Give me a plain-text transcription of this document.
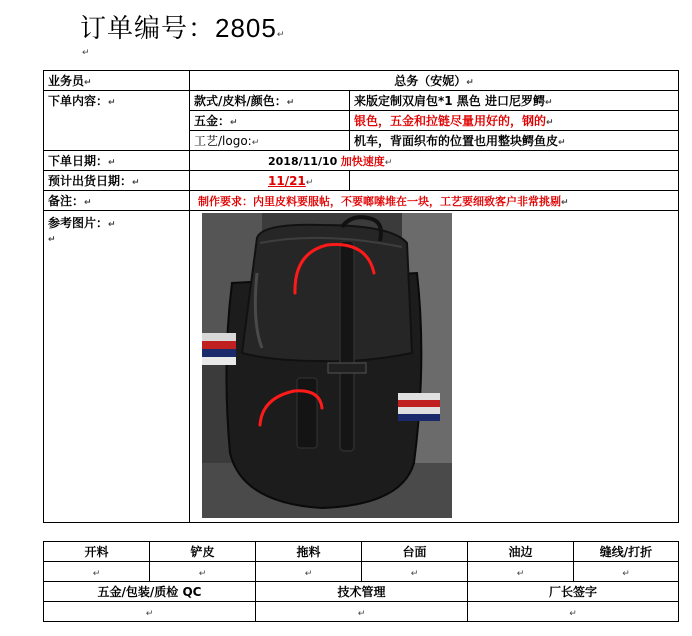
订单编号：2805↵
↵
业务员↵	总务（安妮）↵	
下单内容：↵	款式/皮料/颜色：↵	来版定制双肩包*1 黑色 进口尼罗鳄↵
	五金：↵	银色，五金和拉链尽量用好的，钢的↵
	工艺/logo:↵	机车，背面织布的位置也用整块鳄鱼皮↵
下单日期：↵	2018/11/10 加快速度↵	
预计出货日期：↵	11/21↵	
备注：↵	制作要求：内里皮料要服帖，不要啷嗦堆在一块，工艺要细致客户非常挑剔↵	
参考图片：↵
↵	
开料	铲皮	拖料	台面	油边	缝线/打折
↵	↵	↵	↵	↵	↵
五金/包装/质检 QC		技术管理		厂长签字	
↵		↵		↵	
